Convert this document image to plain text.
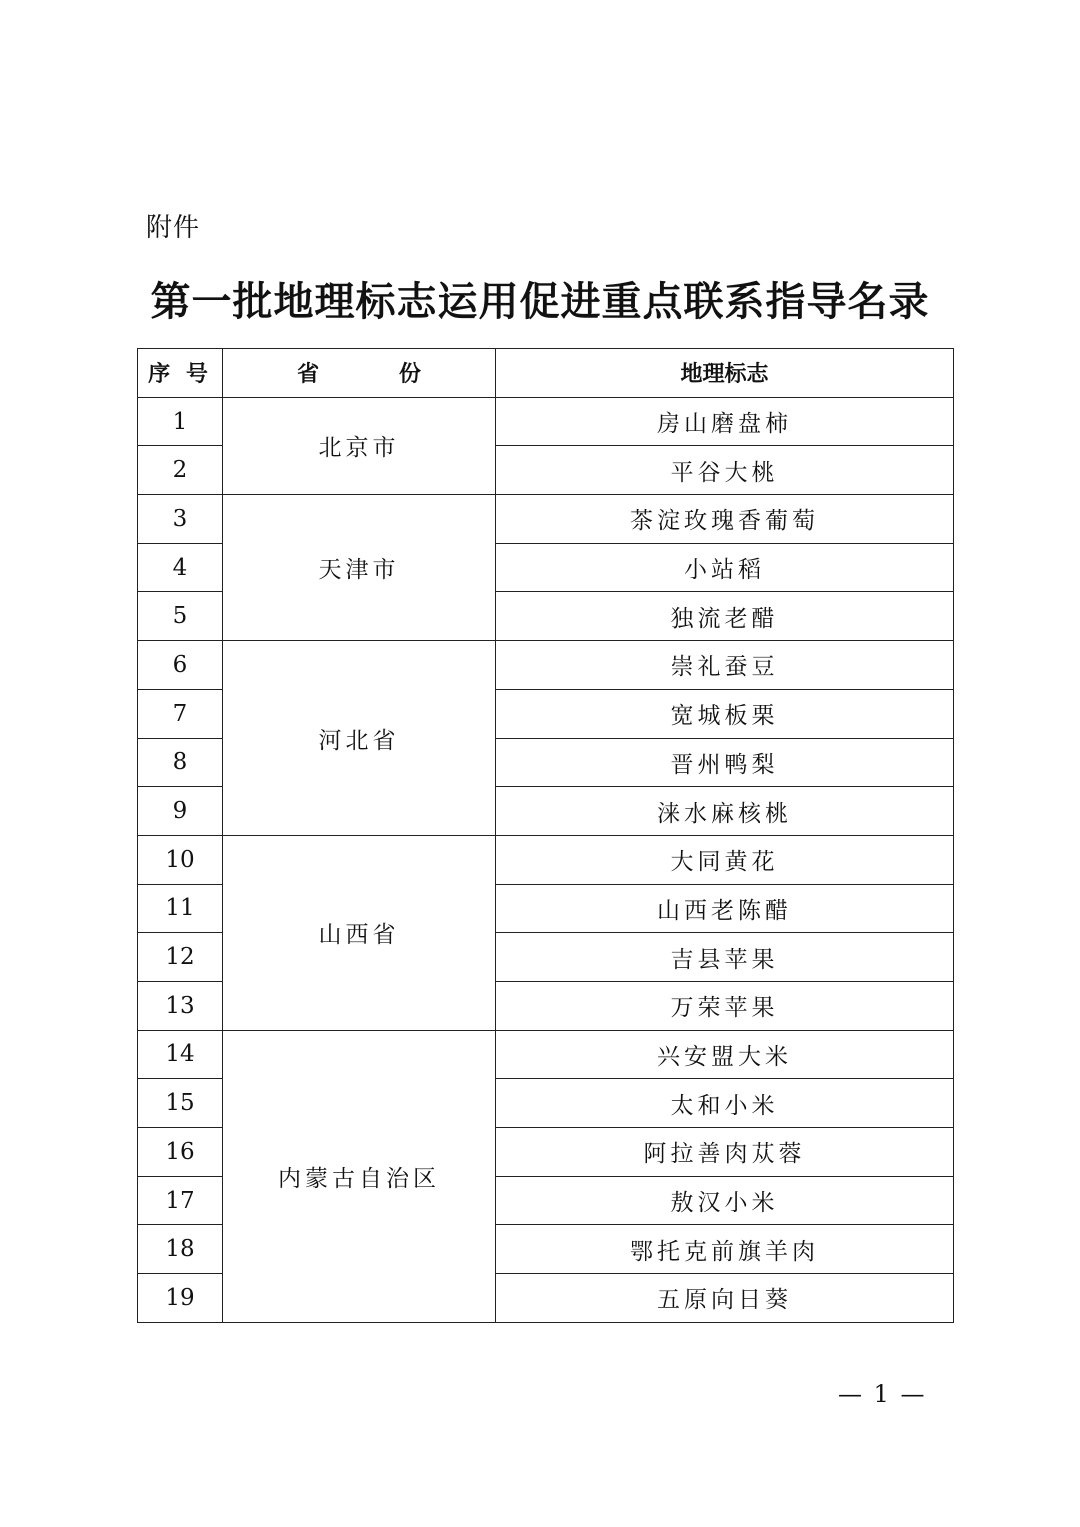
附件
第一批地理标志运用促进重点联系指导名录
序 号	省 份	地理标志
1	北京市	房山磨盘柿
2		平谷大桃
3	天津市	茶淀玫瑰香葡萄
4		小站稻
5		独流老醋
6	河北省	崇礼蚕豆
7		宽城板栗
8		晋州鸭梨
9		涞水麻核桃
10	山西省	大同黄花
11		山西老陈醋
12		吉县苹果
13		万荣苹果
14	内蒙古自治区	兴安盟大米
15		太和小米
16		阿拉善肉苁蓉
17		敖汉小米
18		鄂托克前旗羊肉
19		五原向日葵
— 1 —
